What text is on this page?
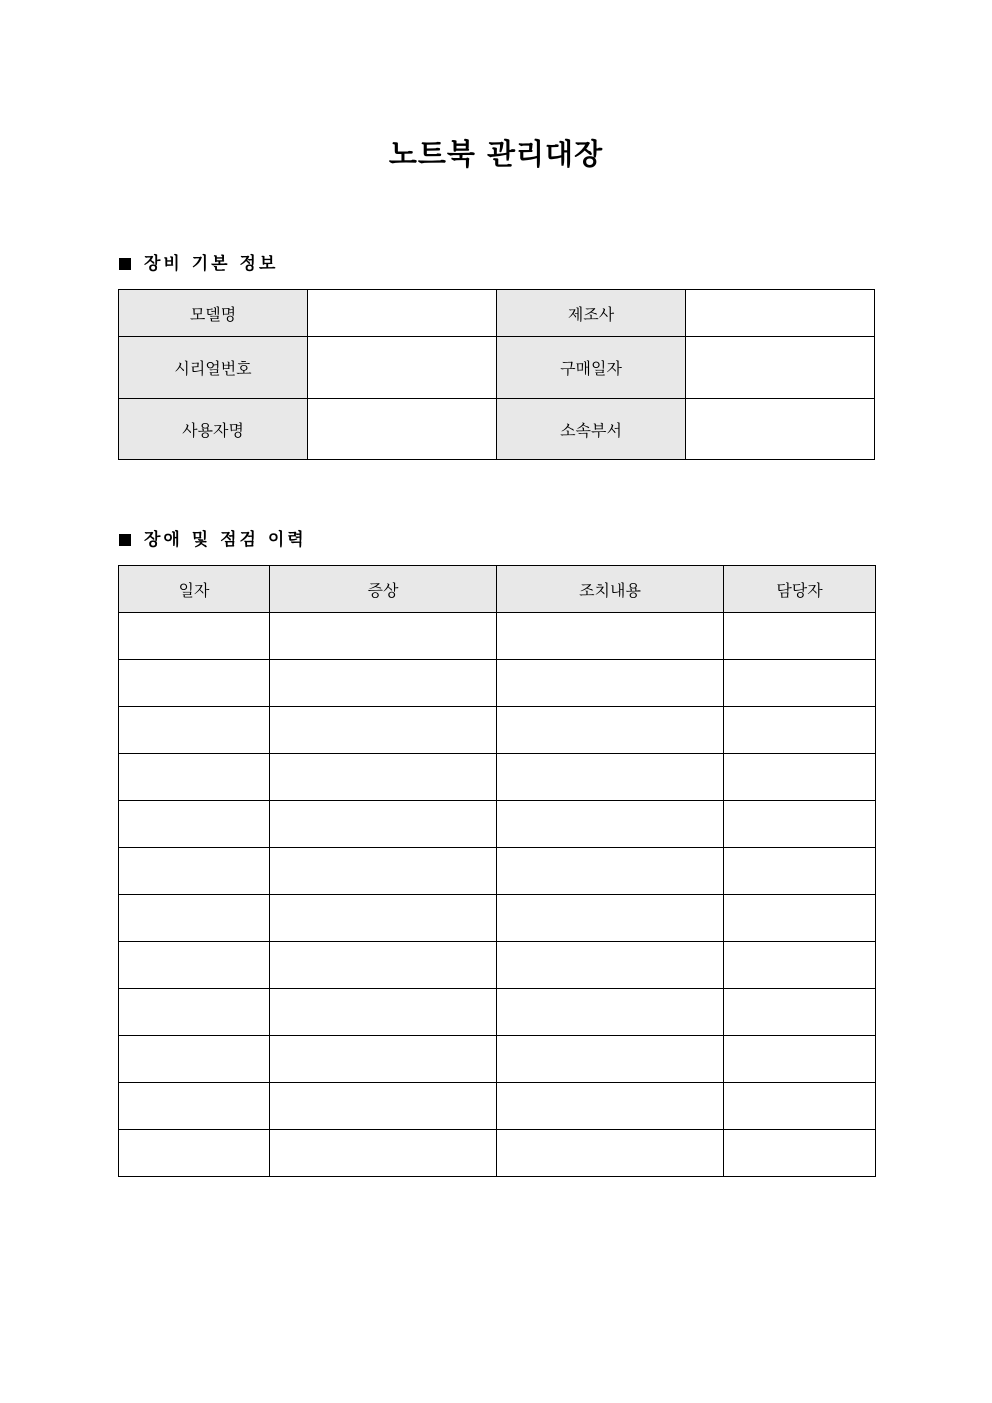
노트북 관리대장
장비 기본 정보
모델명		제조사	
시리얼번호		구매일자	
사용자명		소속부서	
장애 및 점검 이력
일자	증상	조치내용	담당자
